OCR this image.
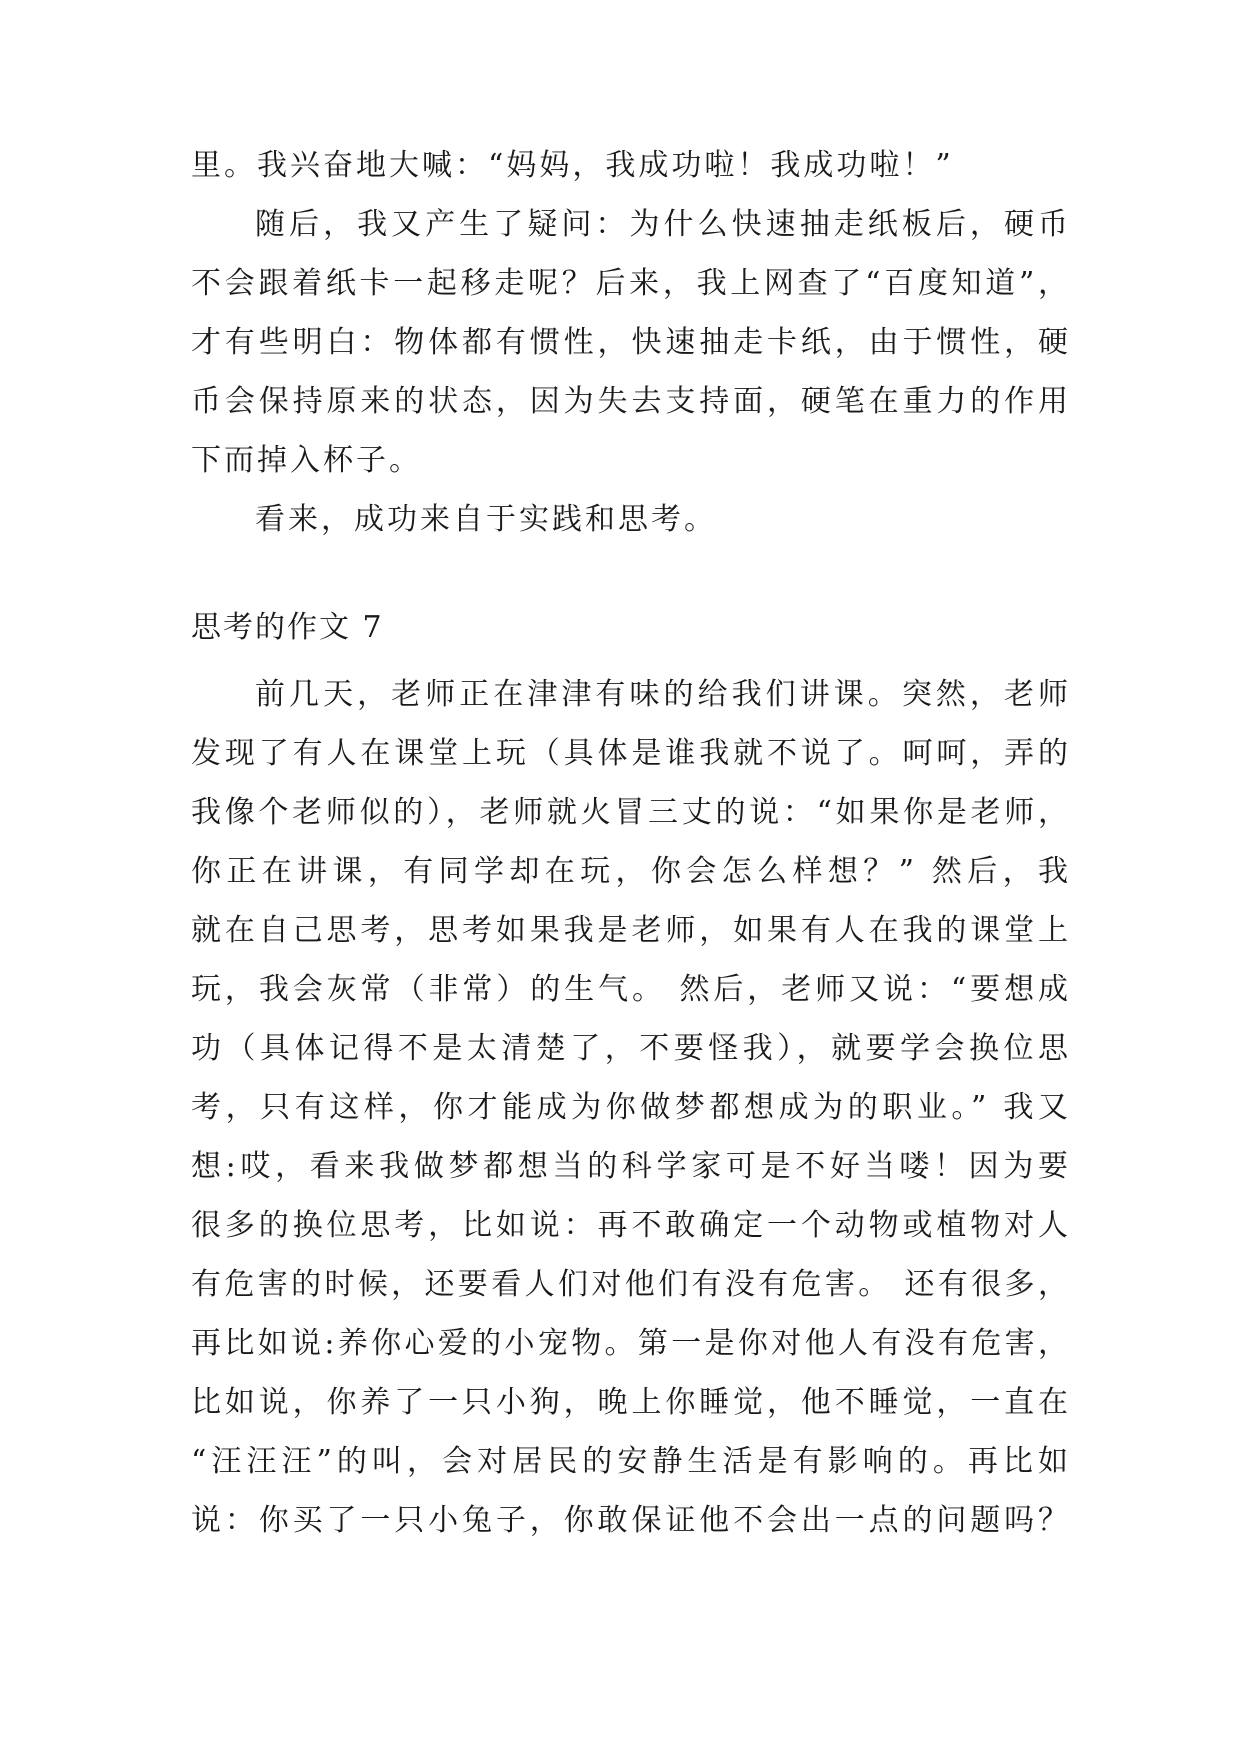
里。我兴奋地大喊：“妈妈，我成功啦！我成功啦！”
随后，我又产生了疑问：为什么快速抽走纸板后，硬币
不会跟着纸卡一起移走呢？后来，我上网查了“百度知道”，
才有些明白：物体都有惯性，快速抽走卡纸，由于惯性，硬
币会保持原来的状态，因为失去支持面，硬笔在重力的作用
下而掉入杯子。
看来，成功来自于实践和思考。
思考的作文 7
前几天，老师正在津津有味的给我们讲课。突然，老师
发现了有人在课堂上玩（具体是谁我就不说了。呵呵，弄的
我像个老师似的），老师就火冒三丈的说：“如果你是老师，
你正在讲课，有同学却在玩，你会怎么样想？” 然后，我
就在自己思考，思考如果我是老师，如果有人在我的课堂上
玩，我会灰常（非常）的生气。 然后，老师又说：“要想成
功（具体记得不是太清楚了，不要怪我），就要学会换位思
考，只有这样，你才能成为你做梦都想成为的职业。” 我又
想:哎，看来我做梦都想当的科学家可是不好当喽！因为要
很多的换位思考，比如说：再不敢确定一个动物或植物对人
有危害的时候，还要看人们对他们有没有危害。 还有很多，
再比如说:养你心爱的小宠物。第一是你对他人有没有危害，
比如说，你养了一只小狗，晚上你睡觉，他不睡觉，一直在
“汪汪汪”的叫，会对居民的安静生活是有影响的。再比如
说：你买了一只小兔子，你敢保证他不会出一点的问题吗？
